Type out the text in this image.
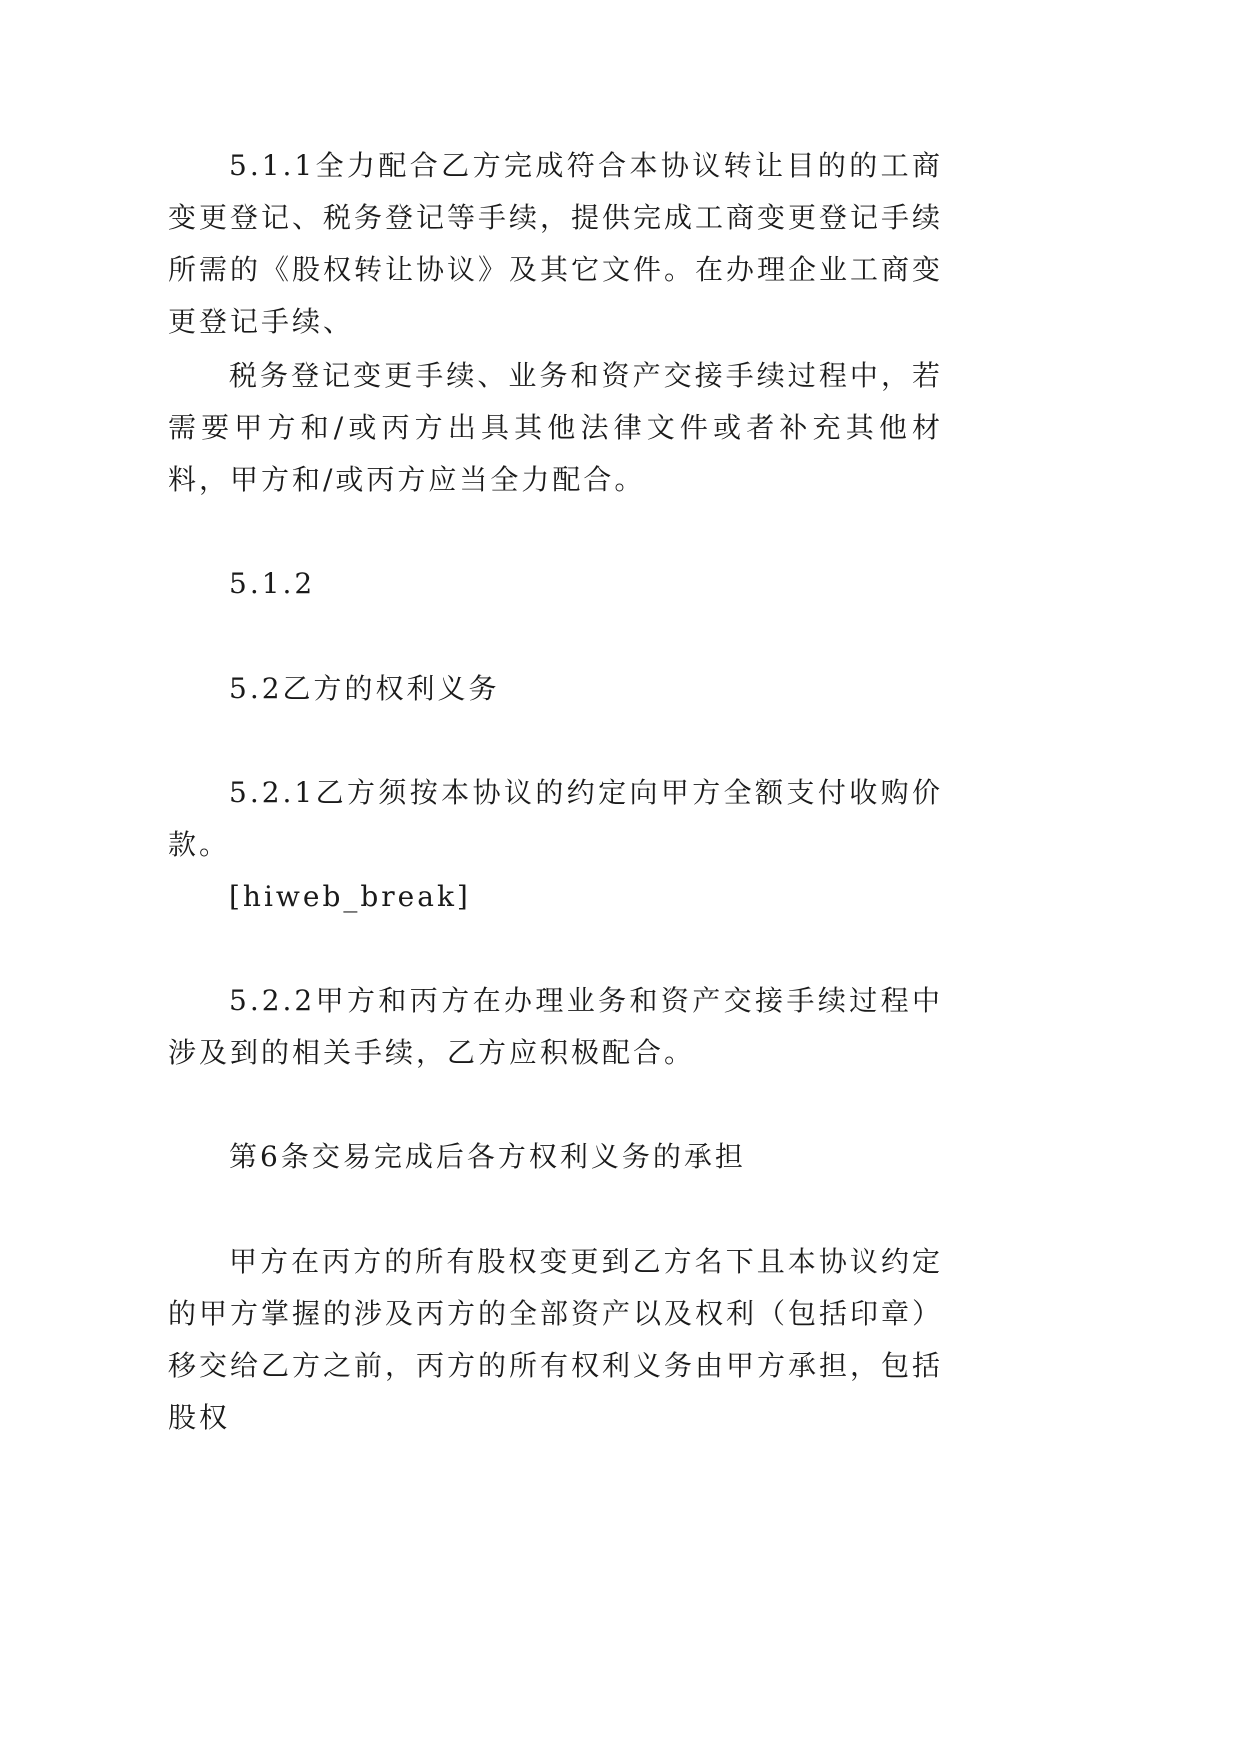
5.1.1全力配合乙方完成符合本协议转让目的的工商变更登记、税务登记等手续，提供完成工商变更登记手续所需的《股权转让协议》及其它文件。在办理企业工商变更登记手续、

税务登记变更手续、业务和资产交接手续过程中，若需要甲方和/或丙方出具其他法律文件或者补充其他材料，甲方和/或丙方应当全力配合。

5.1.2

5.2乙方的权利义务

5.2.1乙方须按本协议的约定向甲方全额支付收购价款。

[hiweb_break]

5.2.2甲方和丙方在办理业务和资产交接手续过程中涉及到的相关手续，乙方应积极配合。

第6条交易完成后各方权利义务的承担

甲方在丙方的所有股权变更到乙方名下且本协议约定的甲方掌握的涉及丙方的全部资产以及权利（包括印章）移交给乙方之前，丙方的所有权利义务由甲方承担，包括股权
